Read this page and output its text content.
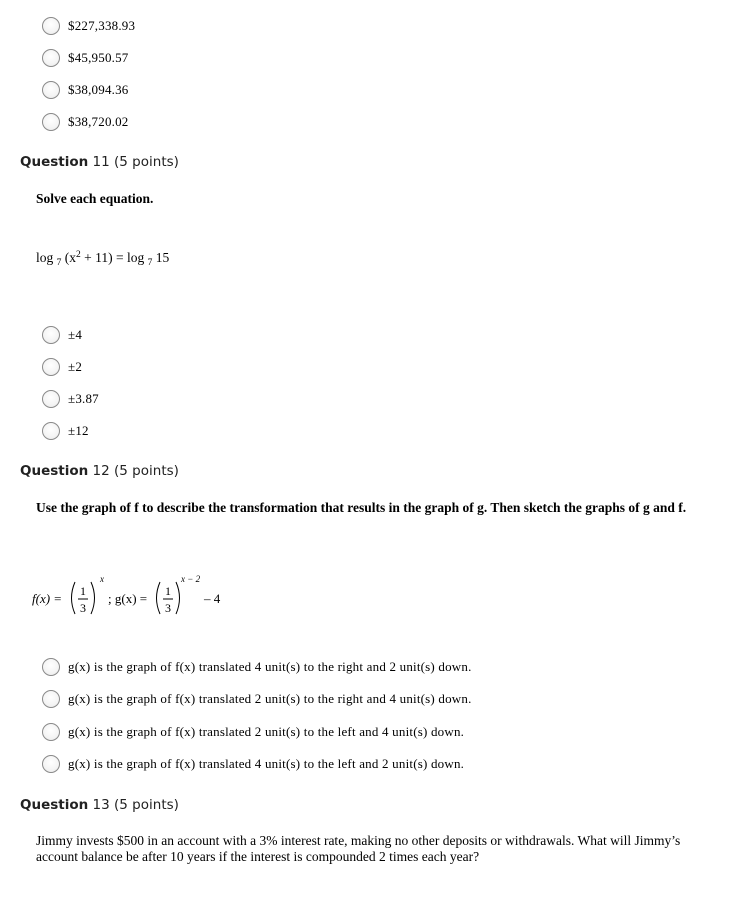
$227,338.93
$45,950.57
$38,094.36
$38,720.02
Question 11 (5 points)
Solve each equation.
log $_7$ $(x^2 + 11) = \log _7$ 15
±4
±2
±3.87
±12
Question 12 (5 points)
Use the graph of f to describe the transformation that results in the graph of g. Then sketch the graphs of g and f.
f(x) = 1
3
x
; g(x) = 1
3
x − 2
– 4
g(x) is the graph of f(x) translated 4 unit(s) to the right and 2 unit(s) down.
g(x) is the graph of f(x) translated 2 unit(s) to the right and 4 unit(s) down.
g(x) is the graph of f(x) translated 2 unit(s) to the left and 4 unit(s) down.
g(x) is the graph of f(x) translated 4 unit(s) to the left and 2 unit(s) down.
Question 13 (5 points)
Jimmy invests $500 in an account with a 3% interest rate, making no other deposits or withdrawals. What will Jimmy’s account balance be after 10 years if the interest is compounded 2 times each year?
